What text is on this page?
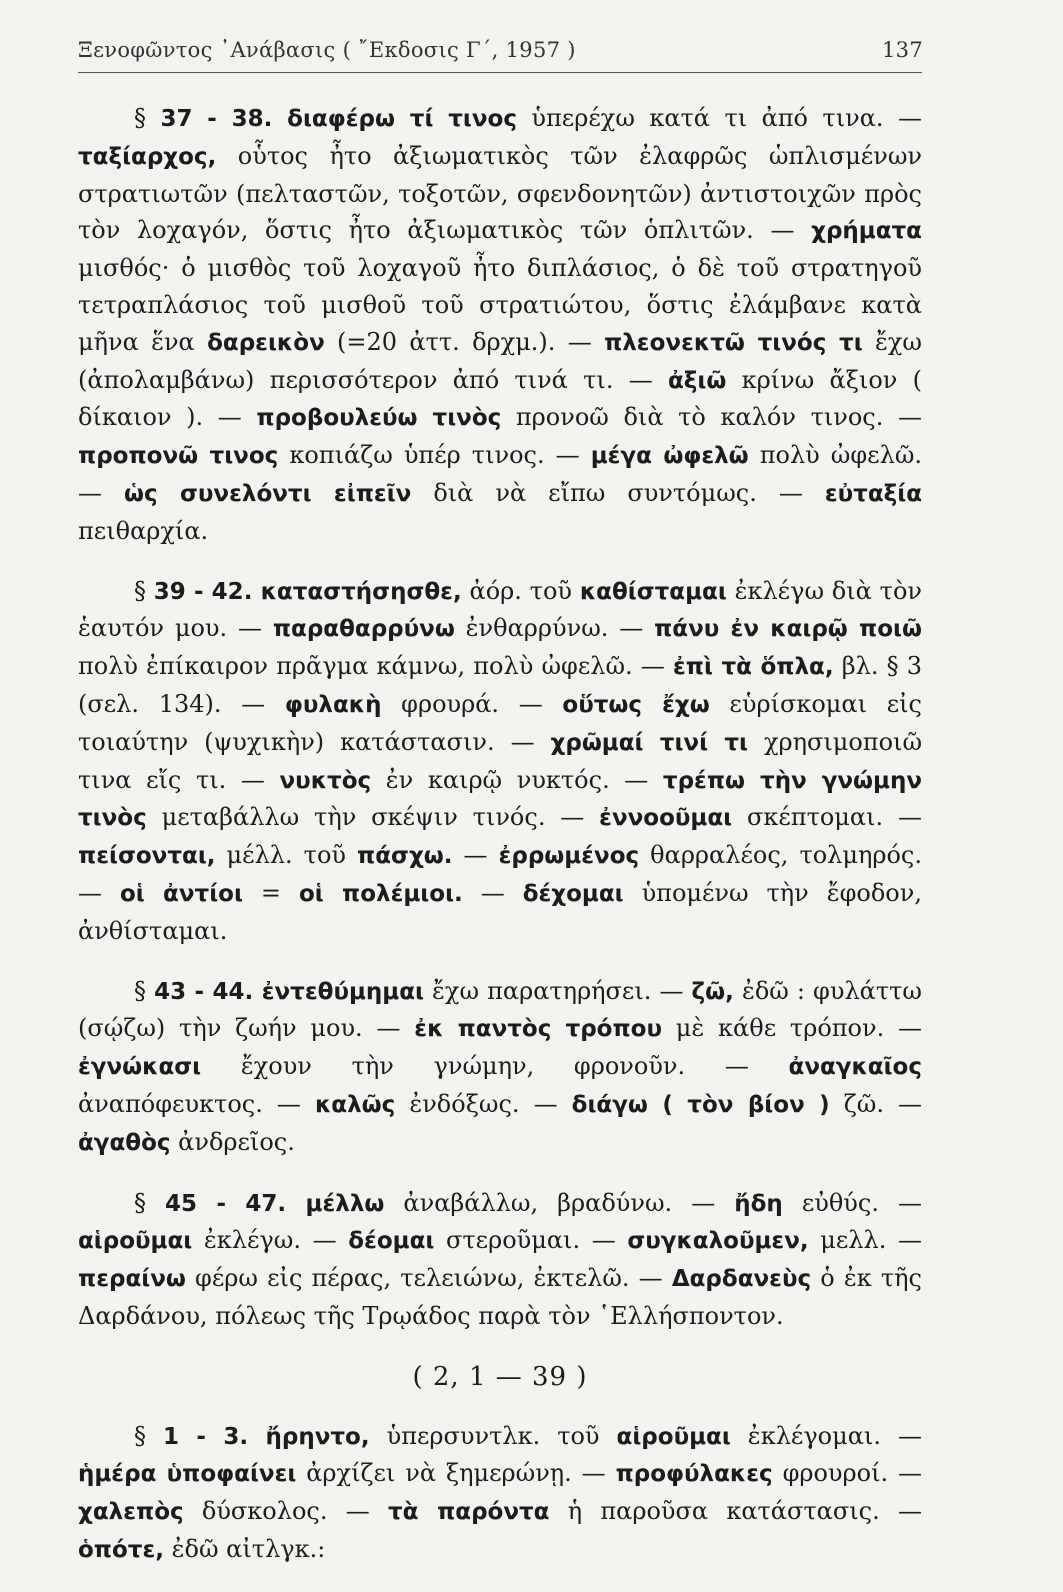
Ξενοφῶντος ᾿Ανάβασις ( ῎Εκδοσις Γ΄, 1957 )	137

§ 37 - 38. διαφέρω τί τινος ὑπερέχω κατά τι ἀπό τινα. — ταξίαρχος, οὗτος ἦτο ἀξιωματικὸς τῶν ἐλαφρῶς ὡπλισμένων στρατιωτῶν (πελταστῶν, τοξοτῶν, σφενδονητῶν) ἀντιστοιχῶν πρὸς τὸν λοχαγόν, ὅστις ἦτο ἀξιωματικὸς τῶν ὁπλιτῶν. — χρήματα μισθός· ὁ μισθὸς τοῦ λοχαγοῦ ἦτο διπλάσιος, ὁ δὲ τοῦ στρατηγοῦ τετραπλάσιος τοῦ μισθοῦ τοῦ στρατιώτου, ὅστις ἐλάμβανε κατὰ μῆνα ἕνα δαρεικὸν (=20 ἀττ. δρχμ.). — πλεονεκτῶ τινός τι ἔχω (ἀπολαμβάνω) περισσότερον ἀπό τινά τι. — ἀξιῶ κρίνω ἄξιον ( δίκαιον ). — προβουλεύω τινὸς προνοῶ διὰ τὸ καλόν τινος. — προπονῶ τινος κοπιάζω ὑπέρ τινος. — μέγα ὠφελῶ πολὺ ὠφελῶ. — ὡς συνελόντι εἰπεῖν διὰ νὰ εἴπω συντόμως. — εὐταξία πειθαρχία.

§ 39 - 42. καταστήσησθε, ἀόρ. τοῦ καθίσταμαι ἐκλέγω διὰ τὸν ἑαυτόν μου. — παραθαρρύνω ἐνθαρρύνω. — πάνυ ἐν καιρῷ ποιῶ πολὺ ἐπίκαιρον πρᾶγμα κάμνω, πολὺ ὠφελῶ. — ἐπὶ τὰ ὅπλα, βλ. § 3 (σελ. 134). — φυλακὴ φρουρά. — οὕτως ἔχω εὑρίσκομαι εἰς τοιαύτην (ψυχικὴν) κατάστασιν. — χρῶμαί τινί τι χρησιμοποιῶ τινα εἴς τι. — νυκτὸς ἐν καιρῷ νυκτός. — τρέπω τὴν γνώμην τινὸς μεταβάλλω τὴν σκέψιν τινός. — ἐννοοῦμαι σκέπτομαι. — πείσονται, μέλλ. τοῦ πάσχω. — ἐρρωμένος θαρραλέος, τολμηρός. — οἱ ἀντίοι = οἱ πολέμιοι. — δέχομαι ὑπομένω τὴν ἔφοδον, ἀνθίσταμαι.

§ 43 - 44. ἐντεθύμημαι ἔχω παρατηρήσει. — ζῶ, ἐδῶ : φυλάττω (σῴζω) τὴν ζωήν μου. — ἐκ παντὸς τρόπου μὲ κάθε τρόπον. — ἐγνώκασι ἔχουν τὴν γνώμην, φρονοῦν. — ἀναγκαῖος ἀναπόφευκτος. — καλῶς ἐνδόξως. — διάγω ( τὸν βίον ) ζῶ. — ἀγαθὸς ἀνδρεῖος.

§ 45 - 47. μέλλω ἀναβάλλω, βραδύνω. — ἤδη εὐθύς. — αἱροῦμαι ἐκλέγω. — δέομαι στεροῦμαι. — συγκαλοῦμεν, μελλ. — περαίνω φέρω εἰς πέρας, τελειώνω, ἐκτελῶ. — Δαρδανεὺς ὁ ἐκ τῆς Δαρδάνου, πόλεως τῆς Τρῳάδος παρὰ τὸν ῾Ελλήσποντον.

( 2, 1 — 39 )

§ 1 - 3. ἤρηντο, ὑπερσυντλκ. τοῦ αἱροῦμαι ἐκλέγομαι. — ἡμέρα ὑποφαίνει ἀρχίζει νὰ ξημερώνῃ. — προφύλακες φρουροί. — χαλεπὸς δύσκολος. — τὰ παρόντα ἡ παροῦσα κατάστασις. — ὁπότε, ἐδῶ αἰτλγκ.:
